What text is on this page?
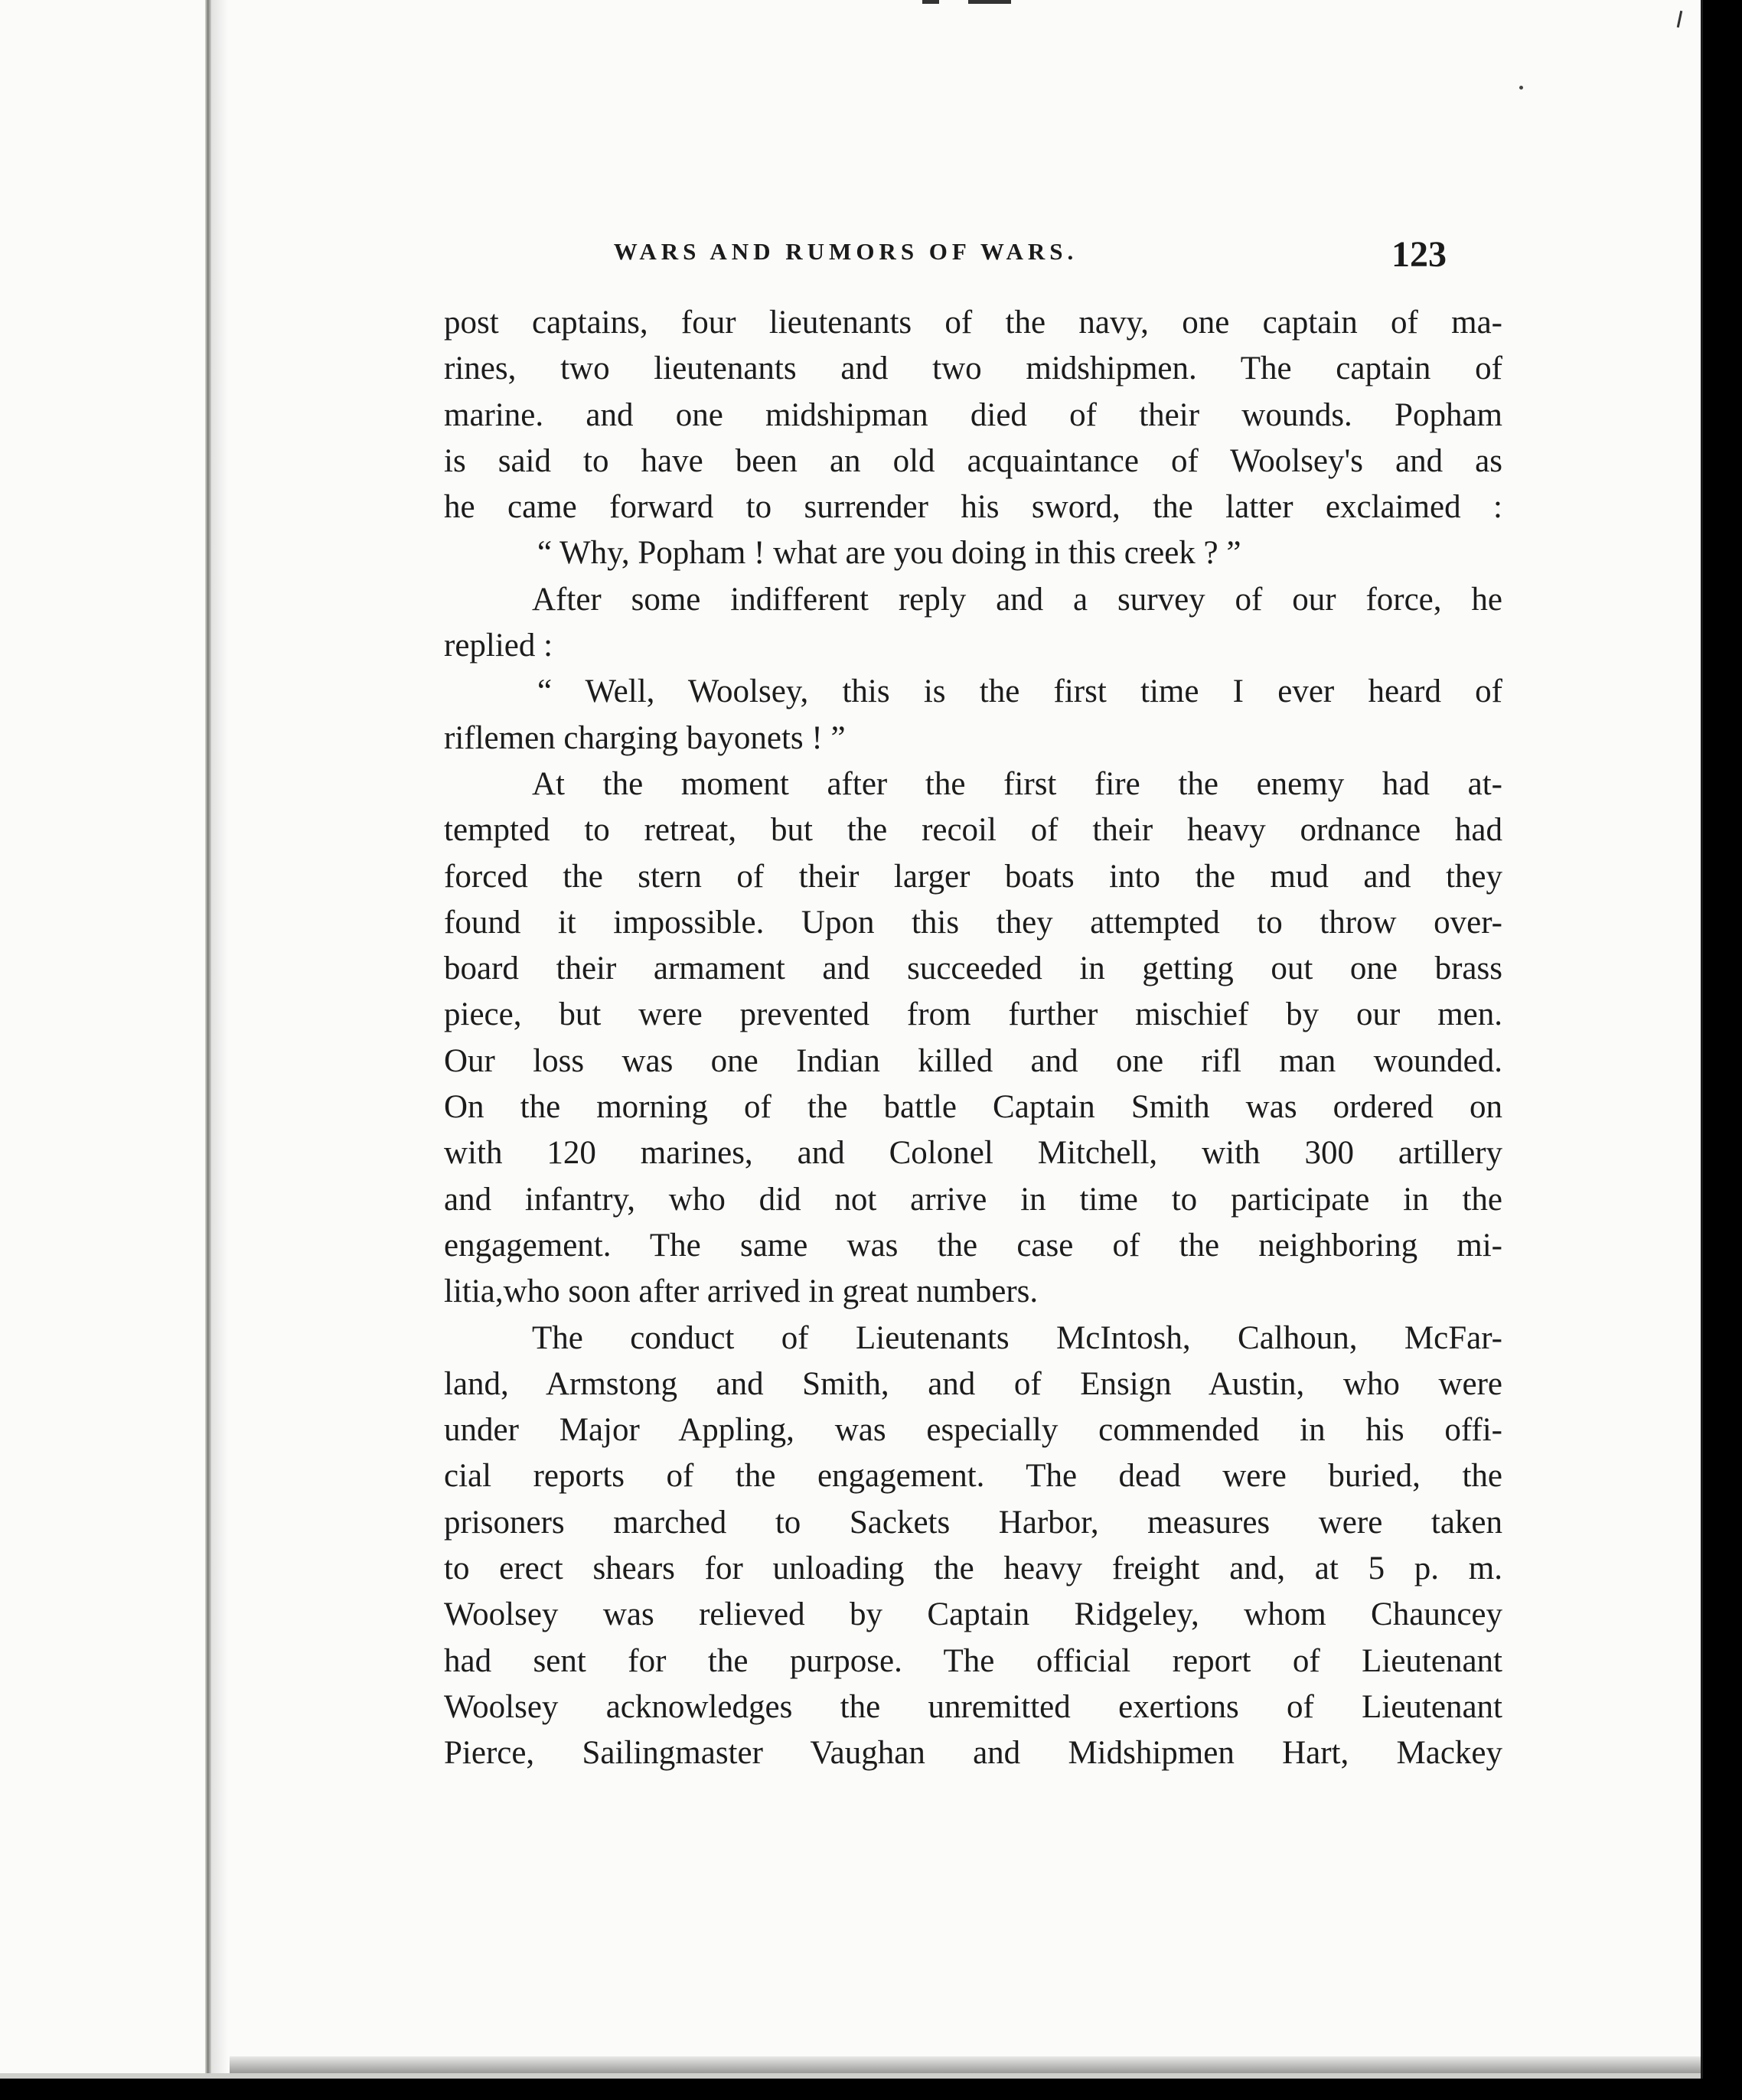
WARS AND RUMORS OF WARS.	123
post captains, four lieutenants of the navy, one captain of ma-
rines, two lieutenants and two midshipmen. The captain of
marine. and one midshipman died of their wounds. Popham
is said to have been an old acquaintance of Woolsey's and as
he came forward to surrender his sword, the latter exclaimed :
“ Why, Popham ! what are you doing in this creek ? ”
After some indifferent reply and a survey of our force, he
replied :
“ Well, Woolsey, this is the first time I ever heard of
riflemen charging bayonets ! ”
At the moment after the first fire the enemy had at-
tempted to retreat, but the recoil of their heavy ordnance had
forced the stern of their larger boats into the mud and they
found it impossible. Upon this they attempted to throw over-
board their armament and succeeded in getting out one brass
piece, but were prevented from further mischief by our men.
Our loss was one Indian killed and one rifl man wounded.
On the morning of the battle Captain Smith was ordered on
with 120 marines, and Colonel Mitchell, with 300 artillery
and infantry, who did not arrive in time to participate in the
engagement. The same was the case of the neighboring mi-
litia,who soon after arrived in great numbers.
The conduct of Lieutenants McIntosh, Calhoun, McFar-
land, Armstong and Smith, and of Ensign Austin, who were
under Major Appling, was especially commended in his offi-
cial reports of the engagement. The dead were buried, the
prisoners marched to Sackets Harbor, measures were taken
to erect shears for unloading the heavy freight and, at 5 p. m.
Woolsey was relieved by Captain Ridgeley, whom Chauncey
had sent for the purpose. The official report of Lieutenant
Woolsey acknowledges the unremitted exertions of Lieutenant
Pierce, Sailingmaster Vaughan and Midshipmen Hart, Mackey
